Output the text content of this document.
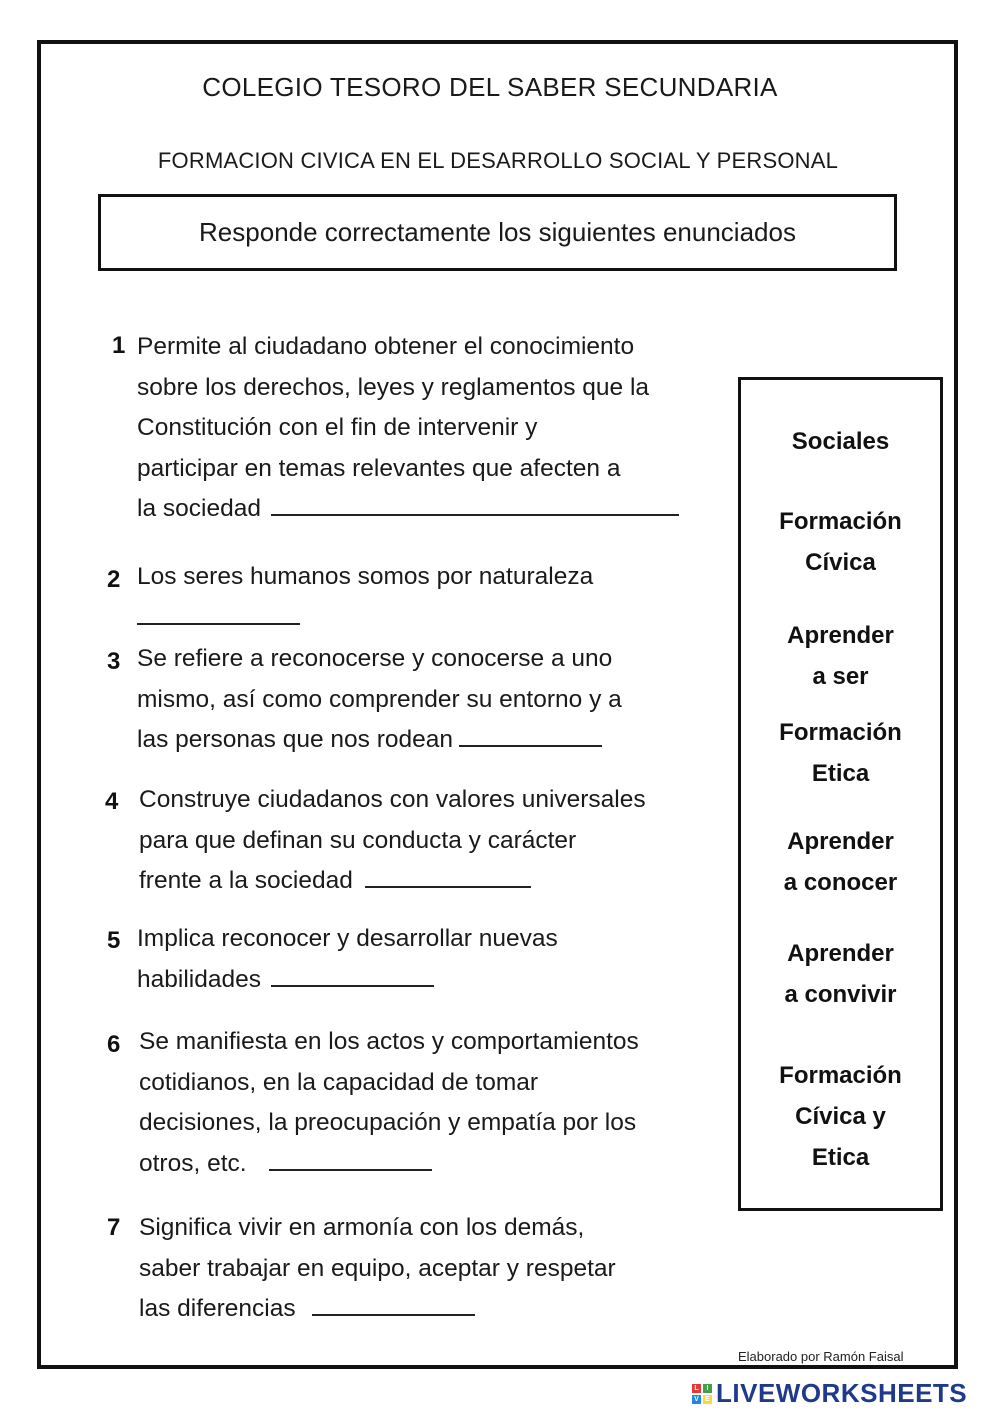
COLEGIO TESORO DEL SABER SECUNDARIA
FORMACION CIVICA EN EL DESARROLLO SOCIAL Y PERSONAL
Responde correctamente los siguientes enunciados
1 Permite al ciudadano obtener el conocimiento
sobre los derechos, leyes y reglamentos que la
Constitución con el fin de intervenir y
participar en temas relevantes que afecten a
la sociedad
2 Los seres humanos somos por naturaleza
3 Se refiere a reconocerse y conocerse a uno
mismo, así como comprender su entorno y a
las personas que nos rodean
4 Construye ciudadanos con valores universales
para que definan su conducta y carácter
frente a la sociedad
5 Implica reconocer y desarrollar nuevas
habilidades
6 Se manifiesta en los actos y comportamientos
cotidianos, en la capacidad de tomar
decisiones, la preocupación y empatía por los
otros, etc.
7 Significa vivir en armonía con los demás,
saber trabajar en equipo, aceptar y respetar
las diferencias
Sociales
Formación
Cívica
Aprender
a ser
Formación
Etica
Aprender
a conocer
Aprender
a convivir
Formación
Cívica y
Etica
Elaborado por Ramón Faisal
L	I
V E LIVEWORKSHEETS
